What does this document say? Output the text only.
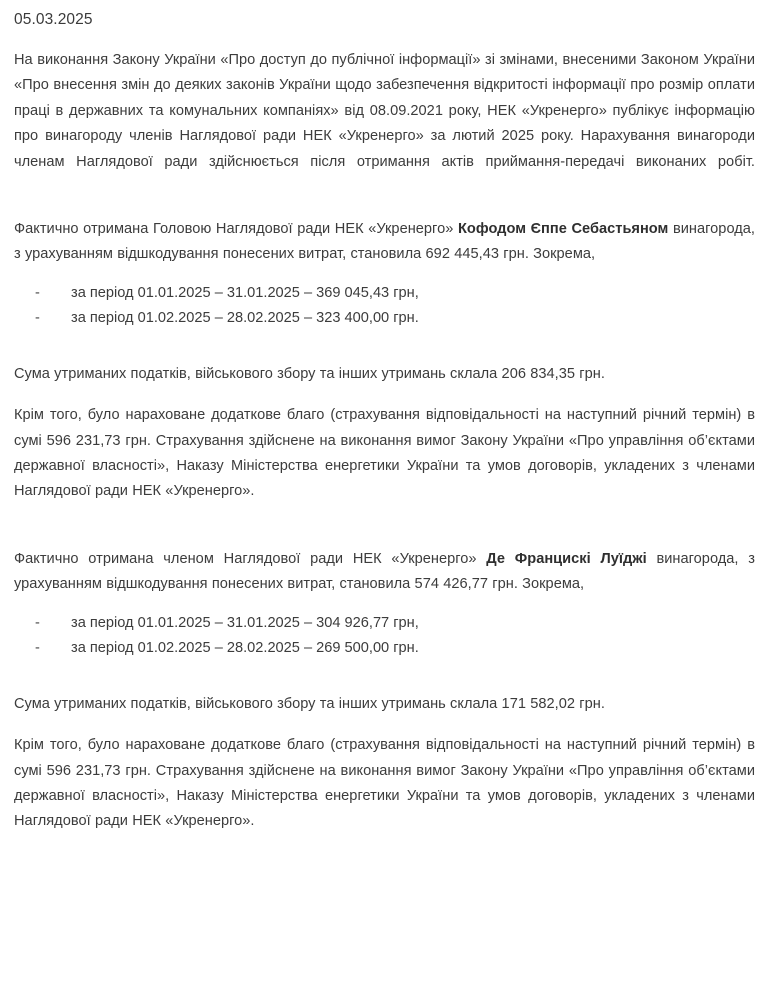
05.03.2025

На виконання Закону України «Про доступ до публічної інформації» зі змінами, внесеними Законом України «Про внесення змін до деяких законів України щодо забезпечення відкритості інформації про розмір оплати праці в державних та комунальних компаніях» від 08.09.2021 року, НЕК «Укренерго» публікує інформацію про винагороду членів Наглядової ради НЕК «Укренерго» за лютий 2025 року. Нарахування винагороди членам Наглядової ради здійснюється після отримання актів приймання-передачі виконаних робіт.

Фактично отримана Головою Наглядової ради НЕК «Укренерго» Кофодом Єппе Себастьяном винагорода, з урахуванням відшкодування понесених витрат, становила 692 445,43 грн. Зокрема,

- за період 01.01.2025 – 31.01.2025 – 369 045,43 грн,
- за період 01.02.2025 – 28.02.2025 – 323 400,00 грн.

Сума утриманих податків, військового збору та інших утримань склала 206 834,35 грн.

Крім того, було нараховане додаткове благо (страхування відповідальності на наступний річний термін) в сумі 596 231,73 грн. Страхування здійснене на виконання вимог Закону України «Про управління об’єктами державної власності», Наказу Міністерства енергетики України та умов договорів, укладених з членами Наглядової ради НЕК «Укренерго».

Фактично отримана членом Наглядової ради НЕК «Укренерго» Де Францискі Луїджі винагорода, з урахуванням відшкодування понесених витрат, становила 574 426,77 грн. Зокрема,

- за період 01.01.2025 – 31.01.2025 – 304 926,77 грн,
- за період 01.02.2025 – 28.02.2025 – 269 500,00 грн.

Сума утриманих податків, військового збору та інших утримань склала 171 582,02 грн.

Крім того, було нараховане додаткове благо (страхування відповідальності на наступний річний термін) в сумі 596 231,73 грн. Страхування здійснене на виконання вимог Закону України «Про управління об’єктами державної власності», Наказу Міністерства енергетики України та умов договорів, укладених з членами Наглядової ради НЕК «Укренерго».
